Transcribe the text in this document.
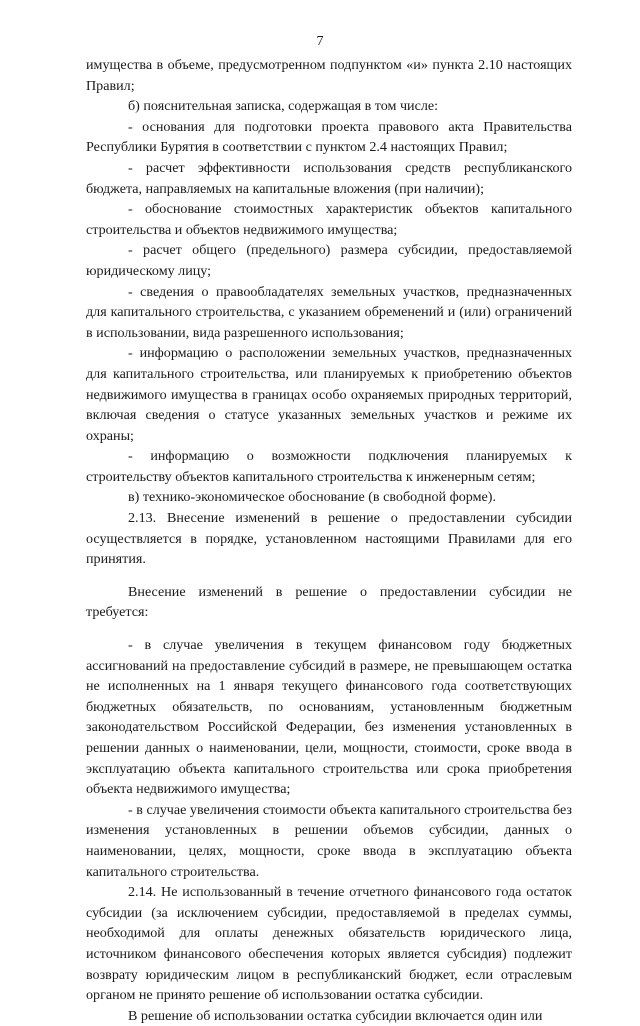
7

имущества в объеме, предусмотренном подпунктом «и» пункта 2.10 настоящих Правил;

б) пояснительная записка, содержащая в том числе:

- основания для подготовки проекта правового акта Правительства Республики Бурятия в соответствии с пунктом 2.4 настоящих Правил;

- расчет эффективности использования средств республиканского бюджета, направляемых на капитальные вложения (при наличии);

- обоснование стоимостных характеристик объектов капитального строительства и объектов недвижимого имущества;

- расчет общего (предельного) размера субсидии, предоставляемой юридическому лицу;

- сведения о правообладателях земельных участков, предназначенных для капитального строительства, с указанием обременений и (или) ограничений в использовании, вида разрешенного использования;

- информацию о расположении земельных участков, предназначенных для капитального строительства, или планируемых к приобретению объектов недвижимого имущества в границах особо охраняемых природных территорий, включая сведения о статусе указанных земельных участков и режиме их охраны;

- информацию о возможности подключения планируемых к строительству объектов капитального строительства к инженерным сетям;

в) технико-экономическое обоснование (в свободной форме).

2.13. Внесение изменений в решение о предоставлении субсидии осуществляется в порядке, установленном настоящими Правилами для его принятия.

Внесение изменений в решение о предоставлении субсидии не требуется:

- в случае увеличения в текущем финансовом году бюджетных ассигнований на предоставление субсидий в размере, не превышающем остатка не исполненных на 1 января текущего финансового года соответствующих бюджетных обязательств, по основаниям, установленным бюджетным законодательством Российской Федерации, без изменения установленных в решении данных о наименовании, цели, мощности, стоимости, сроке ввода в эксплуатацию объекта капитального строительства или срока приобретения объекта недвижимого имущества;

- в случае увеличения стоимости объекта капитального строительства без изменения установленных в решении объемов субсидии, данных о наименовании, целях, мощности, сроке ввода в эксплуатацию объекта капитального строительства.

2.14. Не использованный в течение отчетного финансового года остаток субсидии (за исключением субсидии, предоставляемой в пределах суммы, необходимой для оплаты денежных обязательств юридического лица, источником финансового обеспечения которых является субсидия) подлежит возврату юридическим лицом в республиканский бюджет, если отраслевым органом не принято решение об использовании остатка субсидии.

В решение об использовании остатка субсидии включается один или
